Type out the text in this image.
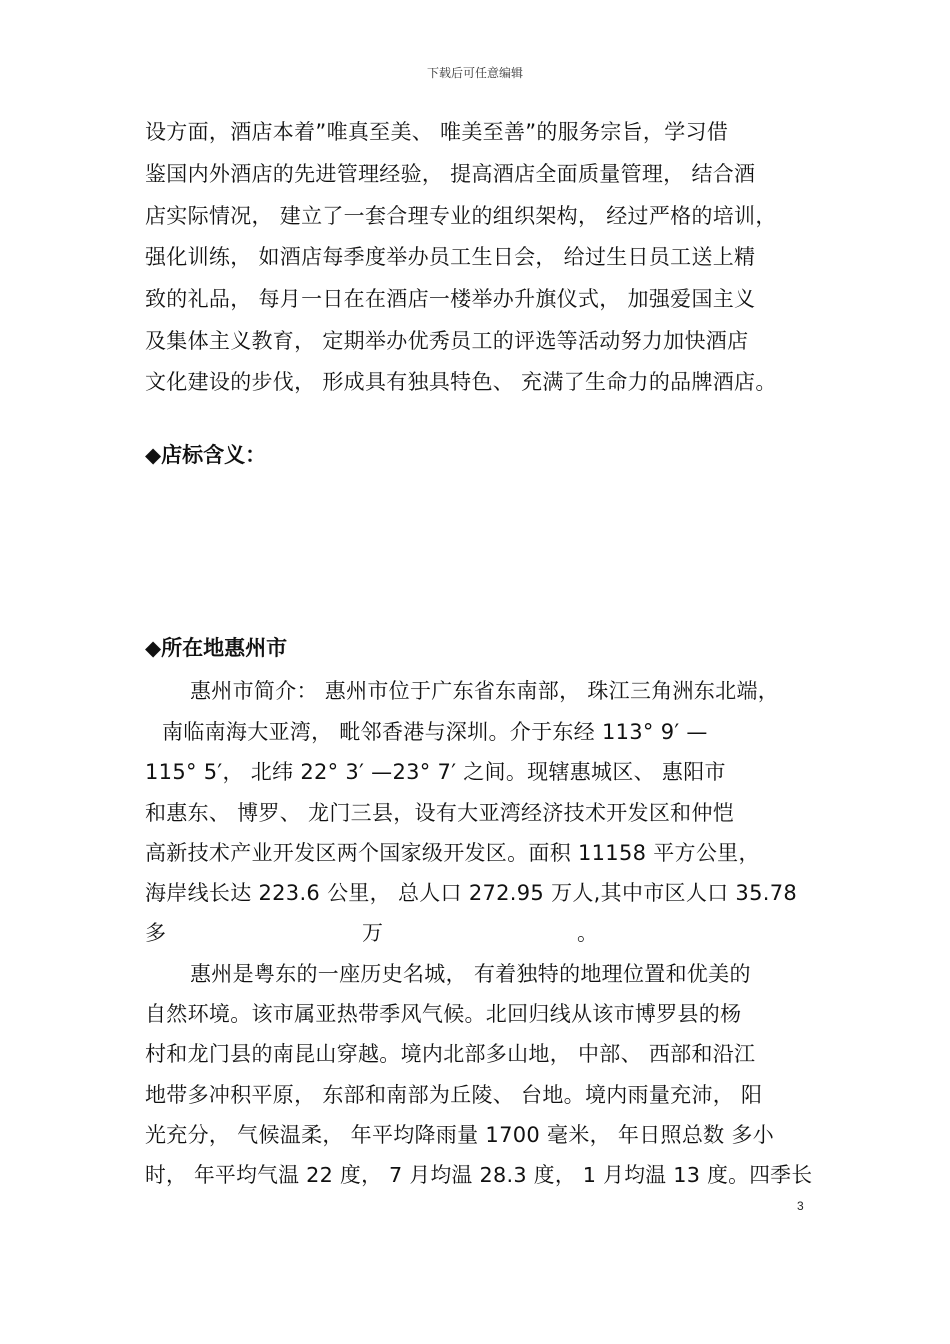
下载后可任意编辑
设方面，酒店本着”唯真至美、 唯美至善”的服务宗旨，学习借
鉴国内外酒店的先进管理经验， 提高酒店全面质量管理， 结合酒
店实际情况， 建立了一套合理专业的组织架构， 经过严格的培训，
强化训练， 如酒店每季度举办员工生日会， 给过生日员工送上精
致的礼品， 每月一日在在酒店一楼举办升旗仪式， 加强爱国主义
及集体主义教育， 定期举办优秀员工的评选等活动努力加快酒店
文化建设的步伐， 形成具有独具特色、 充满了生命力的品牌酒店。
◆店标含义：
◆所在地惠州市
惠州市简介： 惠州市位于广东省东南部， 珠江三角洲东北端，
南临南海大亚湾， 毗邻香港与深圳。介于东经 113° 9′ —
115° 5′， 北纬 22° 3′ —23° 7′ 之间。现辖惠城区、 惠阳市
和惠东、 博罗、 龙门三县，设有大亚湾经济技术开发区和仲恺
高新技术产业开发区两个国家级开发区。面积 11158 平方公里，
海岸线长达 223.6 公里， 总人口 272.95 万人,其中市区人口 35.78
多	万	。
惠州是粤东的一座历史名城， 有着独特的地理位置和优美的
自然环境。该市属亚热带季风气候。北回归线从该市博罗县的杨
村和龙门县的南昆山穿越。境内北部多山地， 中部、 西部和沿江
地带多冲积平原， 东部和南部为丘陵、 台地。境内雨量充沛， 阳
光充分， 气候温柔， 年平均降雨量 1700 毫米， 年日照总数 多小
时， 年平均气温 22 度， 7 月均温 28.3 度， 1 月均温 13 度。四季长
3
